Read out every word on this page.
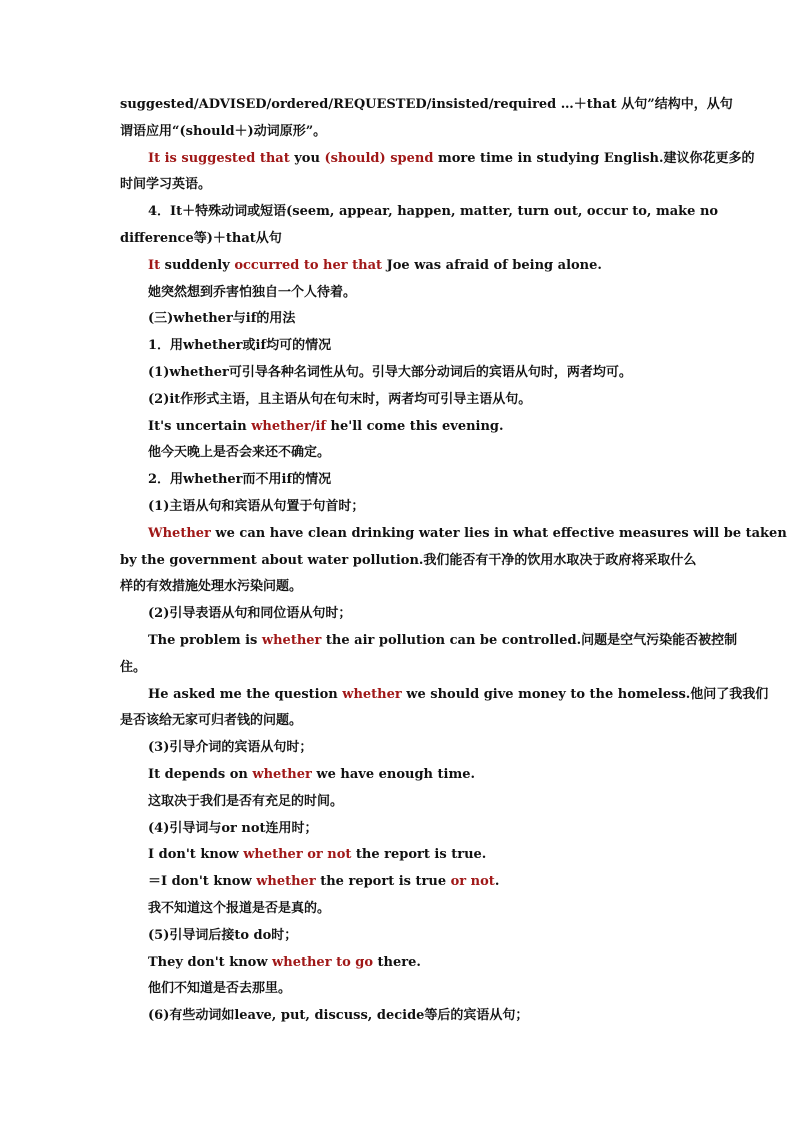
suggested/ADVISED/ordered/REQUESTED/insisted/required …＋that 从句”结构中，从句
谓语应用“(should＋)动词原形”。
It is suggested that you (should) spend more time in studying English.建议你花更多的
时间学习英语。
4．It＋特殊动词或短语(seem, appear, happen, matter, turn out, occur to, make no
difference等)＋that从句
It suddenly occurred to her that Joe was afraid of being alone.
她突然想到乔害怕独自一个人待着。
(三)whether与if的用法
1．用whether或if均可的情况
(1)whether可引导各种名词性从句。引导大部分动词后的宾语从句时，两者均可。
(2)it作形式主语，且主语从句在句末时，两者均可引导主语从句。
It's uncertain whether/if he'll come this evening.
他今天晚上是否会来还不确定。
2．用whether而不用if的情况
(1)主语从句和宾语从句置于句首时；
Whether we can have clean drinking water lies in what effective measures will be taken
by the government about water pollution.我们能否有干净的饮用水取决于政府将采取什么
样的有效措施处理水污染问题。
(2)引导表语从句和同位语从句时；
The problem is whether the air pollution can be controlled.问题是空气污染能否被控制
住。
He asked me the question whether we should give money to the homeless.他问了我我们
是否该给无家可归者钱的问题。
(3)引导介词的宾语从句时；
It depends on whether we have enough time.
这取决于我们是否有充足的时间。
(4)引导词与or not连用时；
I don't know whether or not the report is true.
＝I don't know whether the report is true or not.
我不知道这个报道是否是真的。
(5)引导词后接to do时；
They don't know whether to go there.
他们不知道是否去那里。
(6)有些动词如leave, put, discuss, decide等后的宾语从句；
